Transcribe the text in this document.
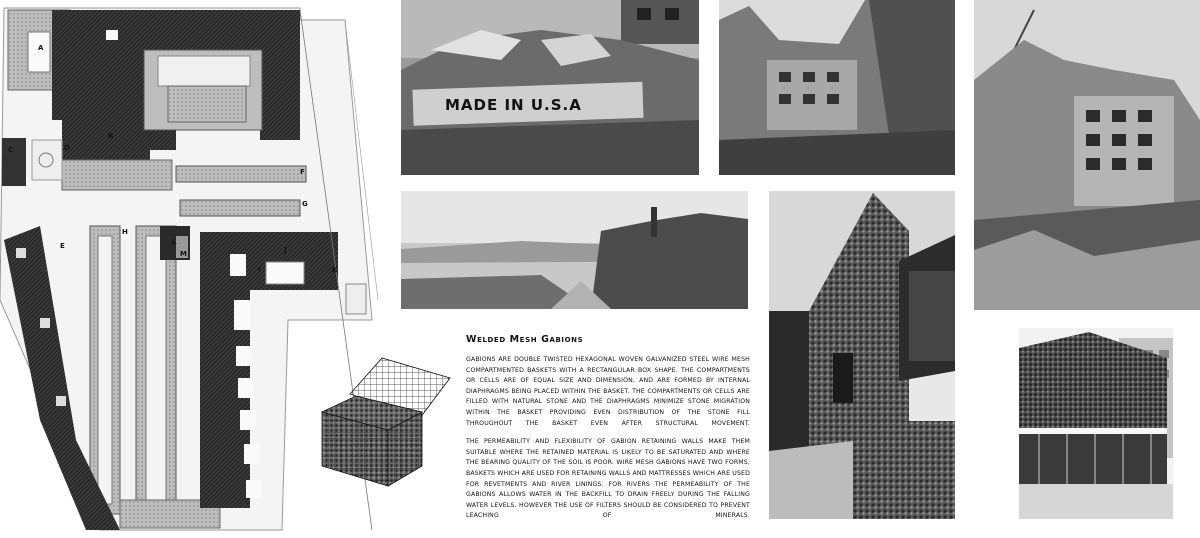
A
B
C	D
E
F
G
H
I
J
K
L
M
MADE IN U.S.A
Welded Mesh Gabions

GABIONS ARE DOUBLE TWISTED HEXAGONAL WOVEN GALVANIZED STEEL WIRE MESH COMPARTMENTED BASKETS WITH A RECTANGULAR BOX SHAPE. THE COMPARTMENTS OR CELLS ARE OF EQUAL SIZE AND DIMENSION, AND ARE FORMED BY INTERNAL DIAPHRAGMS BEING PLACED WITHIN THE BASKET. THE COMPARTMENTS OR CELLS ARE FILLED WITH NATURAL STONE AND THE DIAPHRAGMS MINIMIZE STONE MIGRATION WITHIN THE BASKET PROVIDING EVEN DISTRIBUTION OF THE STONE FILL THROUGHOUT THE BASKET EVEN AFTER STRUCTURAL MOVEMENT.

THE PERMEABILITY AND FLEXIBILITY OF GABION RETAINING WALLS MAKE THEM SUITABLE WHERE THE RETAINED MATERIAL IS LIKELY TO BE SATURATED AND WHERE THE BEARING QUALITY OF THE SOIL IS POOR. WIRE MESH GABIONS HAVE TWO FORMS, BASKETS WHICH ARE USED FOR RETAINING WALLS AND MATTRESSES WHICH ARE USED FOR REVETMENTS AND RIVER LININGS. FOR RIVERS THE PERMEABILITY OF THE GABIONS ALLOWS WATER IN THE BACKFILL TO DRAIN FREELY DURING THE FALLING WATER LEVELS. HOWEVER THE USE OF FILTERS SHOULD BE CONSIDERED TO PREVENT LEACHING OF MINERALS.
